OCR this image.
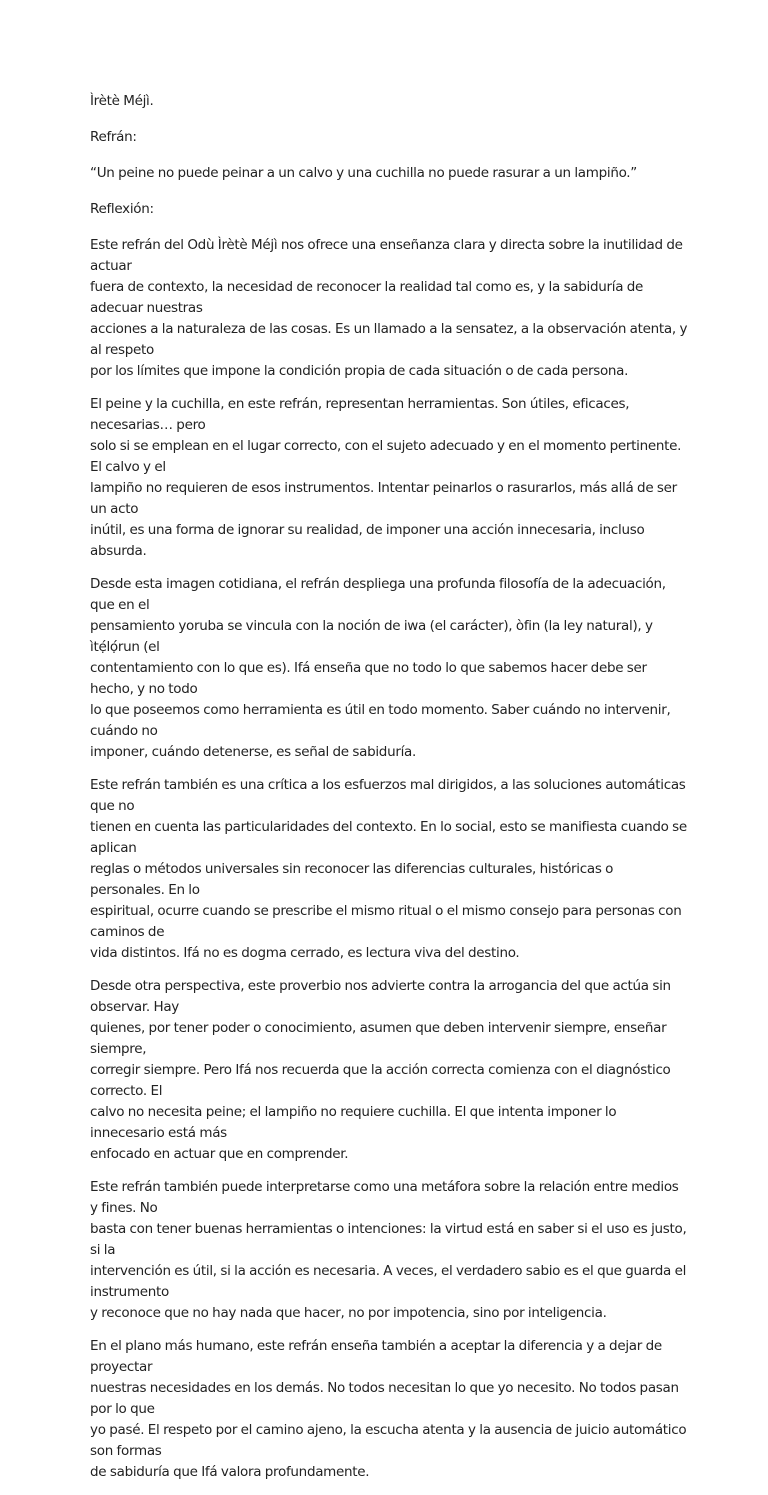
Ìrètè Méjì.

Refrán:

“Un peine no puede peinar a un calvo y una cuchilla no puede rasurar a un lampiño.”

Reflexión:

Este refrán del Odù Ìrètè Méjì nos ofrece una enseñanza clara y directa sobre la inutilidad de actuar
fuera de contexto, la necesidad de reconocer la realidad tal como es, y la sabiduría de adecuar nuestras
acciones a la naturaleza de las cosas. Es un llamado a la sensatez, a la observación atenta, y al respeto
por los límites que impone la condición propia de cada situación o de cada persona.

El peine y la cuchilla, en este refrán, representan herramientas. Son útiles, eficaces, necesarias… pero
solo si se emplean en el lugar correcto, con el sujeto adecuado y en el momento pertinente. El calvo y el
lampiño no requieren de esos instrumentos. Intentar peinarlos o rasurarlos, más allá de ser un acto
inútil, es una forma de ignorar su realidad, de imponer una acción innecesaria, incluso absurda.

Desde esta imagen cotidiana, el refrán despliega una profunda filosofía de la adecuación, que en el
pensamiento yoruba se vincula con la noción de iwa (el carácter), òfin (la ley natural), y ìtẹ́lọ́run (el
contentamiento con lo que es). Ifá enseña que no todo lo que sabemos hacer debe ser hecho, y no todo
lo que poseemos como herramienta es útil en todo momento. Saber cuándo no intervenir, cuándo no
imponer, cuándo detenerse, es señal de sabiduría.

Este refrán también es una crítica a los esfuerzos mal dirigidos, a las soluciones automáticas que no
tienen en cuenta las particularidades del contexto. En lo social, esto se manifiesta cuando se aplican
reglas o métodos universales sin reconocer las diferencias culturales, históricas o personales. En lo
espiritual, ocurre cuando se prescribe el mismo ritual o el mismo consejo para personas con caminos de
vida distintos. Ifá no es dogma cerrado, es lectura viva del destino.

Desde otra perspectiva, este proverbio nos advierte contra la arrogancia del que actúa sin observar. Hay
quienes, por tener poder o conocimiento, asumen que deben intervenir siempre, enseñar siempre,
corregir siempre. Pero Ifá nos recuerda que la acción correcta comienza con el diagnóstico correcto. El
calvo no necesita peine; el lampiño no requiere cuchilla. El que intenta imponer lo innecesario está más
enfocado en actuar que en comprender.

Este refrán también puede interpretarse como una metáfora sobre la relación entre medios y fines. No
basta con tener buenas herramientas o intenciones: la virtud está en saber si el uso es justo, si la
intervención es útil, si la acción es necesaria. A veces, el verdadero sabio es el que guarda el instrumento
y reconoce que no hay nada que hacer, no por impotencia, sino por inteligencia.

En el plano más humano, este refrán enseña también a aceptar la diferencia y a dejar de proyectar
nuestras necesidades en los demás. No todos necesitan lo que yo necesito. No todos pasan por lo que
yo pasé. El respeto por el camino ajeno, la escucha atenta y la ausencia de juicio automático son formas
de sabiduría que Ifá valora profundamente.
